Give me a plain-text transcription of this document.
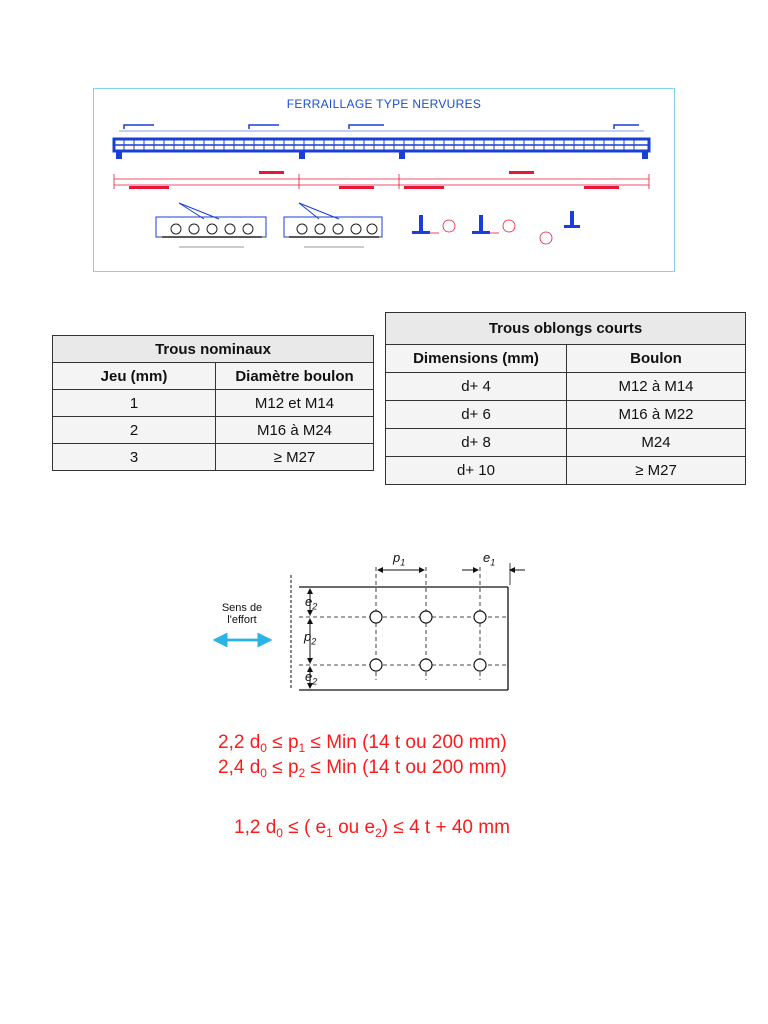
FERRAILLAGE TYPE NERVURES
Trous nominaux	
Jeu (mm)	Diamètre boulon
1	M12 et M14
2	M16 à M24
3	≥ M27
Trous oblongs courts	
Dimensions (mm)	Boulon
d+ 4	M12 à M14
d+ 6	M16 à M22
d+ 8	M24
d+ 10	≥ M27
Sens de
l'effort
$p_1$	$e_1$
$e_2$
$p_2$
$e_2$
2,2 $d_0 \le p_1$ ≤ Min (14 t ou 200 mm)
2,4 $d_0 \le p_2$ ≤ Min (14 t ou 200 mm)
1,2 $d_0$ ≤ ( $e_1$ ou $e_2) \le 4$ t + 40 mm
